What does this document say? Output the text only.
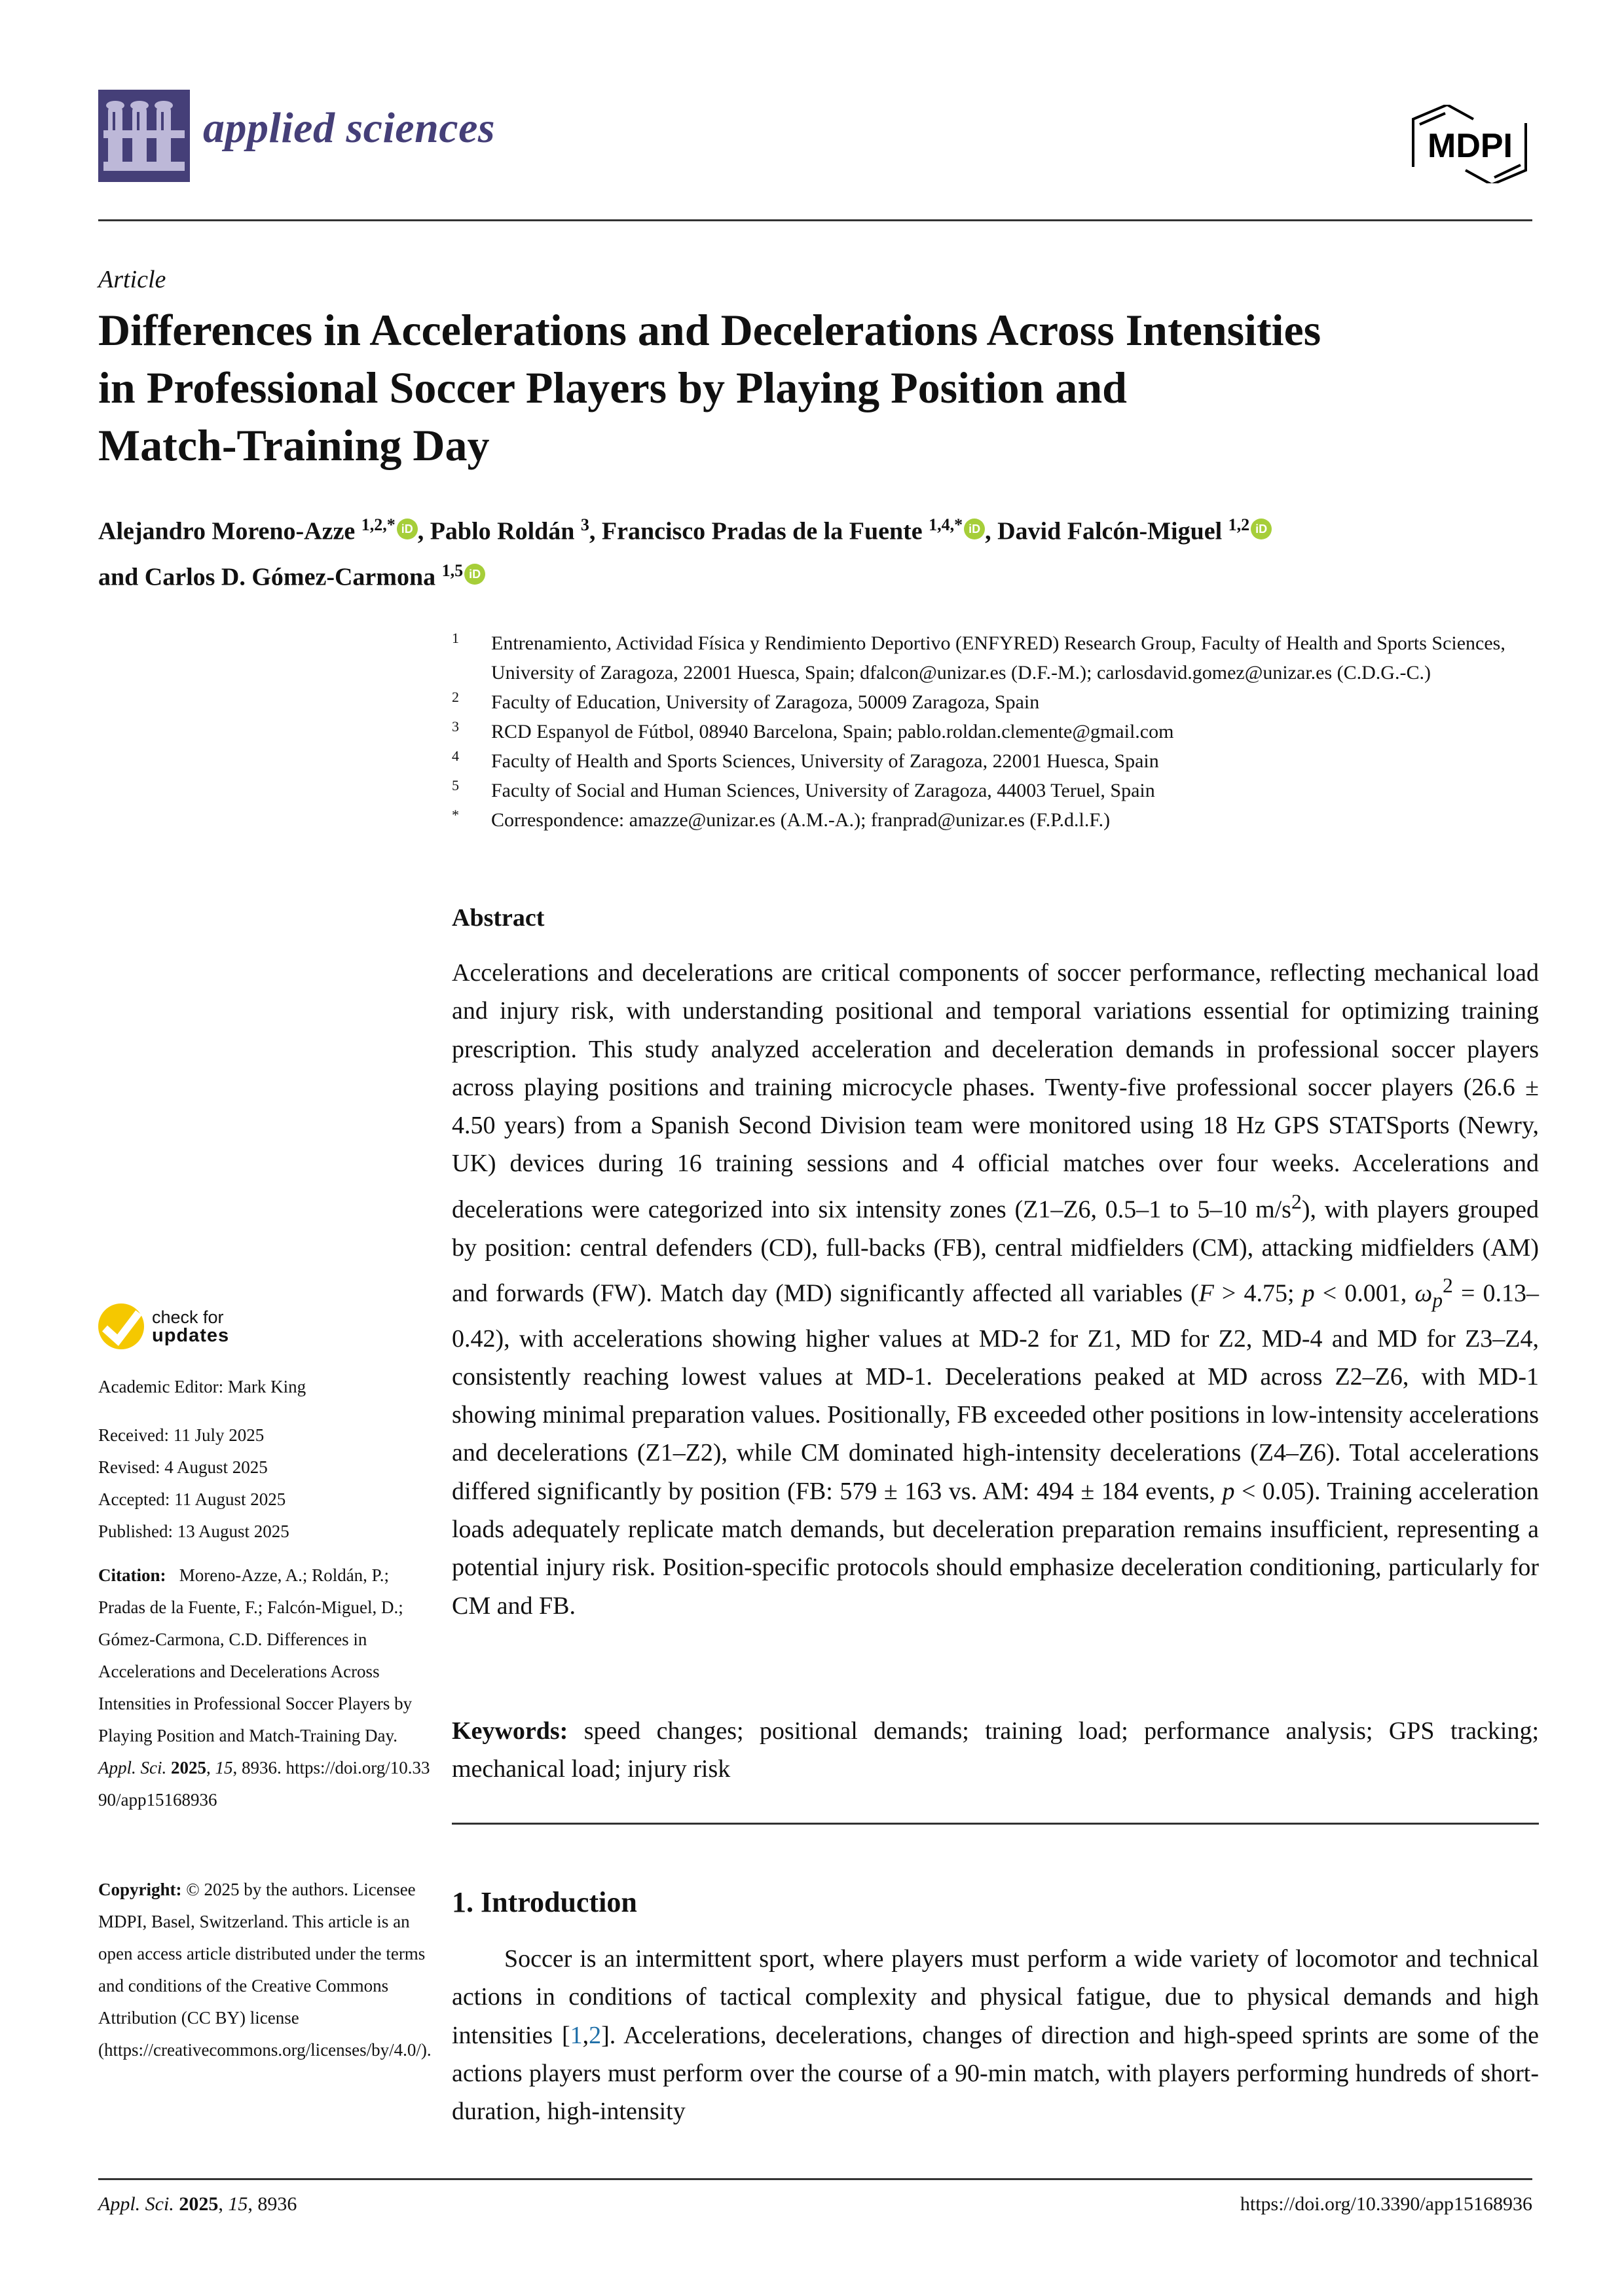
applied sciences	MDPI
Article
Differences in Accelerations and Decelerations Across Intensities
in Professional Soccer Players by Playing Position and
Match-Training Day
Alejandro Moreno-Azze $^{1,2,*}$ iD , Pablo Roldán $^3$, Francisco Pradas de la Fuente $^{1,4,*}$ iD , David Falcón-Miguel $^{1,2}$ iD
and Carlos D. Gómez-Carmona $^{1,5}$ iD
1	Entrenamiento, Actividad Física y Rendimiento Deportivo (ENFYRED) Research Group, Faculty of Health and Sports Sciences, University of Zaragoza, 22001 Huesca, Spain; dfalcon@unizar.es (D.F.-M.); carlosdavid.gomez@unizar.es (C.D.G.-C.)
2	Faculty of Education, University of Zaragoza, 50009 Zaragoza, Spain
3	RCD Espanyol de Fútbol, 08940 Barcelona, Spain; pablo.roldan.clemente@gmail.com
4	Faculty of Health and Sports Sciences, University of Zaragoza, 22001 Huesca, Spain
5	Faculty of Social and Human Sciences, University of Zaragoza, 44003 Teruel, Spain
*	Correspondence: amazze@unizar.es (A.M.-A.); franprad@unizar.es (F.P.d.l.F.)
check for
updates
Academic Editor: Mark King
Received: 11 July 2025
Revised: 4 August 2025
Accepted: 11 August 2025
Published: 13 August 2025
Citation: Moreno-Azze, A.; Roldán, P.; Pradas de la Fuente, F.; Falcón-Miguel, D.; Gómez-Carmona, C.D. Differences in Accelerations and Decelerations Across Intensities in Professional Soccer Players by Playing Position and Match-Training Day. Appl. Sci. 2025, 15, 8936. https://doi.org/10.3390/app15168936
Copyright: © 2025 by the authors. Licensee MDPI, Basel, Switzerland. This article is an open access article distributed under the terms and conditions of the Creative Commons Attribution (CC BY) license (https://creativecommons.org/licenses/by/4.0/).
Abstract
Accelerations and decelerations are critical components of soccer performance, reflecting mechanical load and injury risk, with understanding positional and temporal variations essential for optimizing training prescription. This study analyzed acceleration and deceleration demands in professional soccer players across playing positions and training microcycle phases. Twenty-five professional soccer players (26.6 ± 4.50 years) from a Spanish Second Division team were monitored using 18 Hz GPS STATSports (Newry, UK) devices during 16 training sessions and 4 official matches over four weeks. Accelerations and decelerations were categorized into six intensity zones (Z1–Z6, 0.5–1 to 5–10 $m/s^2$), with players grouped by position: central defenders (CD), full-backs (FB), central midfielders (CM), attacking midfielders (AM) and forwards (FW). Match day (MD) significantly affected all variables (F > 4.75; p < 0.001, $\omega_p^2 = 0.13-0.42$), with accelerations showing higher values at MD-2 for Z1, MD for Z2, MD-4 and MD for Z3–Z4, consistently reaching lowest values at MD-1. Decelerations peaked at MD across Z2–Z6, with MD-1 showing minimal preparation values. Positionally, FB exceeded other positions in low-intensity accelerations and decelerations (Z1–Z2), while CM dominated high-intensity decelerations (Z4–Z6). Total accelerations differed significantly by position (FB: 579 ± 163 vs. AM: 494 ± 184 events, p < 0.05). Training acceleration loads adequately replicate match demands, but deceleration preparation remains insufficient, representing a potential injury risk. Position-specific protocols should emphasize deceleration conditioning, particularly for CM and FB.
Keywords: speed changes; positional demands; training load; performance analysis; GPS tracking; mechanical load; injury risk
1. Introduction
Soccer is an intermittent sport, where players must perform a wide variety of locomotor and technical actions in conditions of tactical complexity and physical fatigue, due to physical demands and high intensities [1,2]. Accelerations, decelerations, changes of direction and high-speed sprints are some of the actions players must perform over the course of a 90-min match, with players performing hundreds of short-duration, high-intensity
Appl. Sci. 2025, 15, 8936	https://doi.org/10.3390/app15168936
